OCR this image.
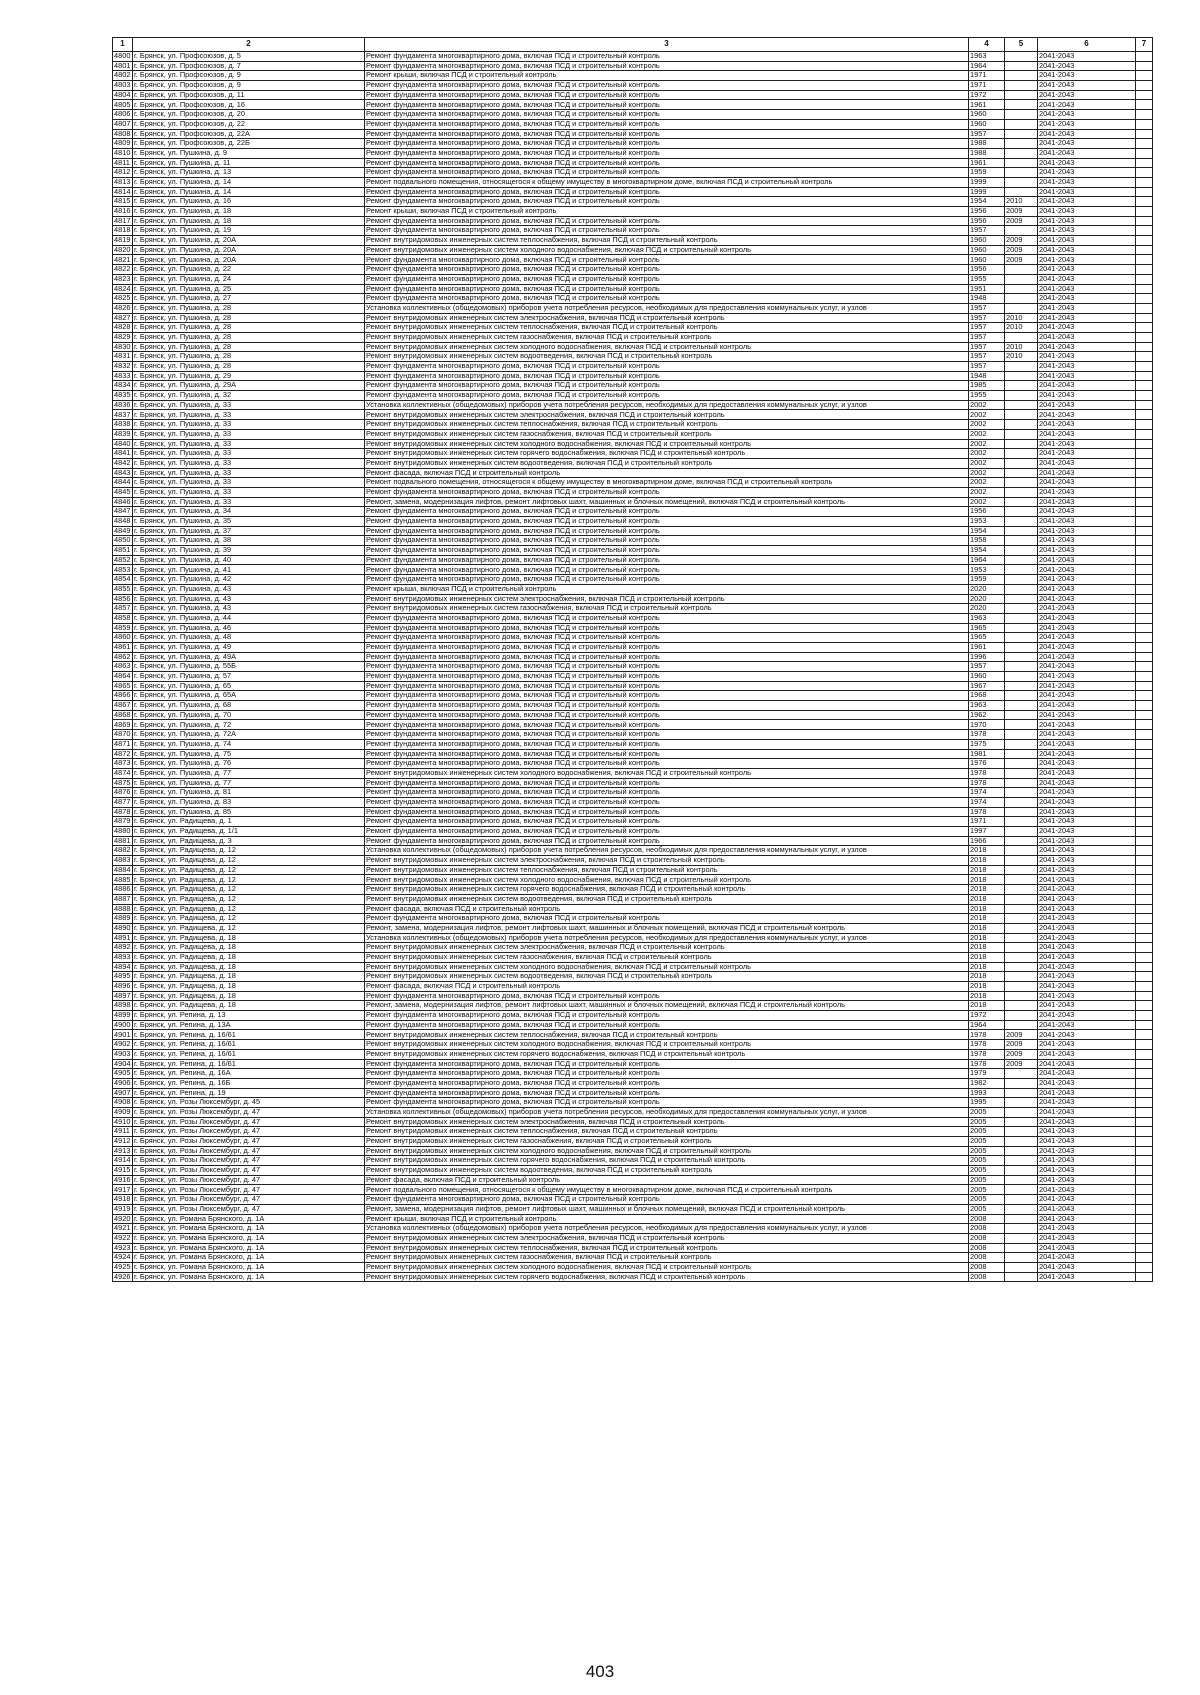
1	2	3	4	5	6	7
4800	г. Брянск, ул. Профсоюзов, д. 5	Ремонт фундамента многоквартирного дома, включая ПСД и строительный контроль	1963		2041-2043	
4801	г. Брянск, ул. Профсоюзов, д. 7	Ремонт фундамента многоквартирного дома, включая ПСД и строительный контроль	1964		2041-2043	
4802	г. Брянск, ул. Профсоюзов, д. 9	Ремонт крыши, включая ПСД и строительный контроль	1971		2041-2043	
4803	г. Брянск, ул. Профсоюзов, д. 9	Ремонт фундамента многоквартирного дома, включая ПСД и строительный контроль	1971		2041-2043	
4804	г. Брянск, ул. Профсоюзов, д. 11	Ремонт фундамента многоквартирного дома, включая ПСД и строительный контроль	1972		2041-2043	
4805	г. Брянск, ул. Профсоюзов, д. 16	Ремонт фундамента многоквартирного дома, включая ПСД и строительный контроль	1961		2041-2043	
4806	г. Брянск, ул. Профсоюзов, д. 20	Ремонт фундамента многоквартирного дома, включая ПСД и строительный контроль	1960		2041-2043	
4807	г. Брянск, ул. Профсоюзов, д. 22	Ремонт фундамента многоквартирного дома, включая ПСД и строительный контроль	1960		2041-2043	
4808	г. Брянск, ул. Профсоюзов, д. 22А	Ремонт фундамента многоквартирного дома, включая ПСД и строительный контроль	1957		2041-2043	
4809	г. Брянск, ул. Профсоюзов, д. 22Б	Ремонт фундамента многоквартирного дома, включая ПСД и строительный контроль	1988		2041-2043	
4810	г. Брянск, ул. Пушкина, д. 9	Ремонт фундамента многоквартирного дома, включая ПСД и строительный контроль	1988		2041-2043	
4811	г. Брянск, ул. Пушкина, д. 11	Ремонт фундамента многоквартирного дома, включая ПСД и строительный контроль	1961		2041-2043	
4812	г. Брянск, ул. Пушкина, д. 13	Ремонт фундамента многоквартирного дома, включая ПСД и строительный контроль	1959		2041-2043	
4813	г. Брянск, ул. Пушкина, д. 14	Ремонт подвального помещения, относящегося к общему имуществу в многоквартирном доме, включая ПСД и строительный контроль	1999		2041-2043	
4814	г. Брянск, ул. Пушкина, д. 14	Ремонт фундамента многоквартирного дома, включая ПСД и строительный контроль	1999		2041-2043	
4815	г. Брянск, ул. Пушкина, д. 16	Ремонт фундамента многоквартирного дома, включая ПСД и строительный контроль	1954	2010	2041-2043	
4816	г. Брянск, ул. Пушкина, д. 18	Ремонт крыши, включая ПСД и строительный контроль	1956	2009	2041-2043	
4817	г. Брянск, ул. Пушкина, д. 18	Ремонт фундамента многоквартирного дома, включая ПСД и строительный контроль	1956	2009	2041-2043	
4818	г. Брянск, ул. Пушкина, д. 19	Ремонт фундамента многоквартирного дома, включая ПСД и строительный контроль	1957		2041-2043	
4819	г. Брянск, ул. Пушкина, д. 20А	Ремонт внутридомовых инженерных систем теплоснабжения, включая ПСД и строительный контроль	1960	2009	2041-2043	
4820	г. Брянск, ул. Пушкина, д. 20А	Ремонт внутридомовых инженерных систем холодного водоснабжения, включая ПСД и строительный контроль	1960	2009	2041-2043	
4821	г. Брянск, ул. Пушкина, д. 20А	Ремонт фундамента многоквартирного дома, включая ПСД и строительный контроль	1960	2009	2041-2043	
4822	г. Брянск, ул. Пушкина, д. 22	Ремонт фундамента многоквартирного дома, включая ПСД и строительный контроль	1956		2041-2043	
4823	г. Брянск, ул. Пушкина, д. 24	Ремонт фундамента многоквартирного дома, включая ПСД и строительный контроль	1955		2041-2043	
4824	г. Брянск, ул. Пушкина, д. 25	Ремонт фундамента многоквартирного дома, включая ПСД и строительный контроль	1951		2041-2043	
4825	г. Брянск, ул. Пушкина, д. 27	Ремонт фундамента многоквартирного дома, включая ПСД и строительный контроль	1948		2041-2043	
4826	г. Брянск, ул. Пушкина, д. 28	Установка коллективных (общедомовых) приборов учета потребления ресурсов, необходимых для предоставления коммунальных услуг, и узлов	1957		2041-2043	
4827	г. Брянск, ул. Пушкина, д. 28	Ремонт внутридомовых инженерных систем электроснабжения, включая ПСД и строительный контроль	1957	2010	2041-2043	
4828	г. Брянск, ул. Пушкина, д. 28	Ремонт внутридомовых инженерных систем теплоснабжения, включая ПСД и строительный контроль	1957	2010	2041-2043	
4829	г. Брянск, ул. Пушкина, д. 28	Ремонт внутридомовых инженерных систем газоснабжения, включая ПСД и строительный контроль	1957		2041-2043	
4830	г. Брянск, ул. Пушкина, д. 28	Ремонт внутридомовых инженерных систем холодного водоснабжения, включая ПСД и строительный контроль	1957	2010	2041-2043	
4831	г. Брянск, ул. Пушкина, д. 28	Ремонт внутридомовых инженерных систем водоотведения, включая ПСД и строительный контроль	1957	2010	2041-2043	
4832	г. Брянск, ул. Пушкина, д. 28	Ремонт фундамента многоквартирного дома, включая ПСД и строительный контроль	1957		2041-2043	
4833	г. Брянск, ул. Пушкина, д. 29	Ремонт фундамента многоквартирного дома, включая ПСД и строительный контроль	1948		2041-2043	
4834	г. Брянск, ул. Пушкина, д. 29А	Ремонт фундамента многоквартирного дома, включая ПСД и строительный контроль	1985		2041-2043	
4835	г. Брянск, ул. Пушкина, д. 32	Ремонт фундамента многоквартирного дома, включая ПСД и строительный контроль	1955		2041-2043	
4836	г. Брянск, ул. Пушкина, д. 33	Установка коллективных (общедомовых) приборов учета потребления ресурсов, необходимых для предоставления коммунальных услуг, и узлов	2002		2041-2043	
4837	г. Брянск, ул. Пушкина, д. 33	Ремонт внутридомовых инженерных систем электроснабжения, включая ПСД и строительный контроль	2002		2041-2043	
4838	г. Брянск, ул. Пушкина, д. 33	Ремонт внутридомовых инженерных систем теплоснабжения, включая ПСД и строительный контроль	2002		2041-2043	
4839	г. Брянск, ул. Пушкина, д. 33	Ремонт внутридомовых инженерных систем газоснабжения, включая ПСД и строительный контроль	2002		2041-2043	
4840	г. Брянск, ул. Пушкина, д. 33	Ремонт внутридомовых инженерных систем холодного водоснабжения, включая ПСД и строительный контроль	2002		2041-2043	
4841	г. Брянск, ул. Пушкина, д. 33	Ремонт внутридомовых инженерных систем горячего водоснабжения, включая ПСД и строительный контроль	2002		2041-2043	
4842	г. Брянск, ул. Пушкина, д. 33	Ремонт внутридомовых инженерных систем водоотведения, включая ПСД и строительный контроль	2002		2041-2043	
4843	г. Брянск, ул. Пушкина, д. 33	Ремонт фасада, включая ПСД и строительный контроль	2002		2041-2043	
4844	г. Брянск, ул. Пушкина, д. 33	Ремонт подвального помещения, относящегося к общему имуществу в многоквартирном доме, включая ПСД и строительный контроль	2002		2041-2043	
4845	г. Брянск, ул. Пушкина, д. 33	Ремонт фундамента многоквартирного дома, включая ПСД и строительный контроль	2002		2041-2043	
4846	г. Брянск, ул. Пушкина, д. 33	Ремонт, замена, модернизация лифтов, ремонт лифтовых шахт, машинных и блочных помещений, включая ПСД и строительный контроль	2002		2041-2043	
4847	г. Брянск, ул. Пушкина, д. 34	Ремонт фундамента многоквартирного дома, включая ПСД и строительный контроль	1956		2041-2043	
4848	г. Брянск, ул. Пушкина, д. 35	Ремонт фундамента многоквартирного дома, включая ПСД и строительный контроль	1953		2041-2043	
4849	г. Брянск, ул. Пушкина, д. 37	Ремонт фундамента многоквартирного дома, включая ПСД и строительный контроль	1954		2041-2043	
4850	г. Брянск, ул. Пушкина, д. 38	Ремонт фундамента многоквартирного дома, включая ПСД и строительный контроль	1958		2041-2043	
4851	г. Брянск, ул. Пушкина, д. 39	Ремонт фундамента многоквартирного дома, включая ПСД и строительный контроль	1954		2041-2043	
4852	г. Брянск, ул. Пушкина, д. 40	Ремонт фундамента многоквартирного дома, включая ПСД и строительный контроль	1964		2041-2043	
4853	г. Брянск, ул. Пушкина, д. 41	Ремонт фундамента многоквартирного дома, включая ПСД и строительный контроль	1953		2041-2043	
4854	г. Брянск, ул. Пушкина, д. 42	Ремонт фундамента многоквартирного дома, включая ПСД и строительный контроль	1959		2041-2043	
4855	г. Брянск, ул. Пушкина, д. 43	Ремонт крыши, включая ПСД и строительный контроль	2020		2041-2043	
4856	г. Брянск, ул. Пушкина, д. 43	Ремонт внутридомовых инженерных систем электроснабжения, включая ПСД и строительный контроль	2020		2041-2043	
4857	г. Брянск, ул. Пушкина, д. 43	Ремонт внутридомовых инженерных систем газоснабжения, включая ПСД и строительный контроль	2020		2041-2043	
4858	г. Брянск, ул. Пушкина, д. 44	Ремонт фундамента многоквартирного дома, включая ПСД и строительный контроль	1963		2041-2043	
4859	г. Брянск, ул. Пушкина, д. 46	Ремонт фундамента многоквартирного дома, включая ПСД и строительный контроль	1965		2041-2043	
4860	г. Брянск, ул. Пушкина, д. 48	Ремонт фундамента многоквартирного дома, включая ПСД и строительный контроль	1965		2041-2043	
4861	г. Брянск, ул. Пушкина, д. 49	Ремонт фундамента многоквартирного дома, включая ПСД и строительный контроль	1961		2041-2043	
4862	г. Брянск, ул. Пушкина, д. 49А	Ремонт фундамента многоквартирного дома, включая ПСД и строительный контроль	1996		2041-2043	
4863	г. Брянск, ул. Пушкина, д. 55Б	Ремонт фундамента многоквартирного дома, включая ПСД и строительный контроль	1957		2041-2043	
4864	г. Брянск, ул. Пушкина, д. 57	Ремонт фундамента многоквартирного дома, включая ПСД и строительный контроль	1960		2041-2043	
4865	г. Брянск, ул. Пушкина, д. 65	Ремонт фундамента многоквартирного дома, включая ПСД и строительный контроль	1967		2041-2043	
4866	г. Брянск, ул. Пушкина, д. 65А	Ремонт фундамента многоквартирного дома, включая ПСД и строительный контроль	1968		2041-2043	
4867	г. Брянск, ул. Пушкина, д. 68	Ремонт фундамента многоквартирного дома, включая ПСД и строительный контроль	1963		2041-2043	
4868	г. Брянск, ул. Пушкина, д. 70	Ремонт фундамента многоквартирного дома, включая ПСД и строительный контроль	1962		2041-2043	
4869	г. Брянск, ул. Пушкина, д. 72	Ремонт фундамента многоквартирного дома, включая ПСД и строительный контроль	1970		2041-2043	
4870	г. Брянск, ул. Пушкина, д. 72А	Ремонт фундамента многоквартирного дома, включая ПСД и строительный контроль	1978		2041-2043	
4871	г. Брянск, ул. Пушкина, д. 74	Ремонт фундамента многоквартирного дома, включая ПСД и строительный контроль	1975		2041-2043	
4872	г. Брянск, ул. Пушкина, д. 75	Ремонт фундамента многоквартирного дома, включая ПСД и строительный контроль	1981		2041-2043	
4873	г. Брянск, ул. Пушкина, д. 76	Ремонт фундамента многоквартирного дома, включая ПСД и строительный контроль	1976		2041-2043	
4874	г. Брянск, ул. Пушкина, д. 77	Ремонт внутридомовых инженерных систем холодного водоснабжения, включая ПСД и строительный контроль	1978		2041-2043	
4875	г. Брянск, ул. Пушкина, д. 77	Ремонт фундамента многоквартирного дома, включая ПСД и строительный контроль	1978		2041-2043	
4876	г. Брянск, ул. Пушкина, д. 81	Ремонт фундамента многоквартирного дома, включая ПСД и строительный контроль	1974		2041-2043	
4877	г. Брянск, ул. Пушкина, д. 83	Ремонт фундамента многоквартирного дома, включая ПСД и строительный контроль	1974		2041-2043	
4878	г. Брянск, ул. Пушкина, д. 85	Ремонт фундамента многоквартирного дома, включая ПСД и строительный контроль	1978		2041-2043	
4879	г. Брянск, ул. Радищева, д. 1	Ремонт фундамента многоквартирного дома, включая ПСД и строительный контроль	1971		2041-2043	
4880	г. Брянск, ул. Радищева, д. 1/1	Ремонт фундамента многоквартирного дома, включая ПСД и строительный контроль	1997		2041-2043	
4881	г. Брянск, ул. Радищева, д. 3	Ремонт фундамента многоквартирного дома, включая ПСД и строительный контроль	1966		2041-2043	
4882	г. Брянск, ул. Радищева, д. 12	Установка коллективных (общедомовых) приборов учета потребления ресурсов, необходимых для предоставления коммунальных услуг, и узлов	2018		2041-2043	
4883	г. Брянск, ул. Радищева, д. 12	Ремонт внутридомовых инженерных систем электроснабжения, включая ПСД и строительный контроль	2018		2041-2043	
4884	г. Брянск, ул. Радищева, д. 12	Ремонт внутридомовых инженерных систем теплоснабжения, включая ПСД и строительный контроль	2018		2041-2043	
4885	г. Брянск, ул. Радищева, д. 12	Ремонт внутридомовых инженерных систем холодного водоснабжения, включая ПСД и строительный контроль	2018		2041-2043	
4886	г. Брянск, ул. Радищева, д. 12	Ремонт внутридомовых инженерных систем горячего водоснабжения, включая ПСД и строительный контроль	2018		2041-2043	
4887	г. Брянск, ул. Радищева, д. 12	Ремонт внутридомовых инженерных систем водоотведения, включая ПСД и строительный контроль	2018		2041-2043	
4888	г. Брянск, ул. Радищева, д. 12	Ремонт фасада, включая ПСД и строительный контроль	2018		2041-2043	
4889	г. Брянск, ул. Радищева, д. 12	Ремонт фундамента многоквартирного дома, включая ПСД и строительный контроль	2018		2041-2043	
4890	г. Брянск, ул. Радищева, д. 12	Ремонт, замена, модернизация лифтов, ремонт лифтовых шахт, машинных и блочных помещений, включая ПСД и строительный контроль	2018		2041-2043	
4891	г. Брянск, ул. Радищева, д. 18	Установка коллективных (общедомовых) приборов учета потребления ресурсов, необходимых для предоставления коммунальных услуг, и узлов	2018		2041-2043	
4892	г. Брянск, ул. Радищева, д. 18	Ремонт внутридомовых инженерных систем электроснабжения, включая ПСД и строительный контроль	2018		2041-2043	
4893	г. Брянск, ул. Радищева, д. 18	Ремонт внутридомовых инженерных систем газоснабжения, включая ПСД и строительный контроль	2018		2041-2043	
4894	г. Брянск, ул. Радищева, д. 18	Ремонт внутридомовых инженерных систем холодного водоснабжения, включая ПСД и строительный контроль	2018		2041-2043	
4895	г. Брянск, ул. Радищева, д. 18	Ремонт внутридомовых инженерных систем водоотведения, включая ПСД и строительный контроль	2018		2041-2043	
4896	г. Брянск, ул. Радищева, д. 18	Ремонт фасада, включая ПСД и строительный контроль	2018		2041-2043	
4897	г. Брянск, ул. Радищева, д. 18	Ремонт фундамента многоквартирного дома, включая ПСД и строительный контроль	2018		2041-2043	
4898	г. Брянск, ул. Радищева, д. 18	Ремонт, замена, модернизация лифтов, ремонт лифтовых шахт, машинных и блочных помещений, включая ПСД и строительный контроль	2018		2041-2043	
4899	г. Брянск, ул. Репина, д. 13	Ремонт фундамента многоквартирного дома, включая ПСД и строительный контроль	1972		2041-2043	
4900	г. Брянск, ул. Репина, д. 13А	Ремонт фундамента многоквартирного дома, включая ПСД и строительный контроль	1964		2041-2043	
4901	г. Брянск, ул. Репина, д. 16/61	Ремонт внутридомовых инженерных систем теплоснабжения, включая ПСД и строительный контроль	1978	2009	2041-2043	
4902	г. Брянск, ул. Репина, д. 16/61	Ремонт внутридомовых инженерных систем холодного водоснабжения, включая ПСД и строительный контроль	1978	2009	2041-2043	
4903	г. Брянск, ул. Репина, д. 16/61	Ремонт внутридомовых инженерных систем горячего водоснабжения, включая ПСД и строительный контроль	1978	2009	2041-2043	
4904	г. Брянск, ул. Репина, д. 16/61	Ремонт фундамента многоквартирного дома, включая ПСД и строительный контроль	1978	2009	2041-2043	
4905	г. Брянск, ул. Репина, д. 16А	Ремонт фундамента многоквартирного дома, включая ПСД и строительный контроль	1979		2041-2043	
4906	г. Брянск, ул. Репина, д. 16Б	Ремонт фундамента многоквартирного дома, включая ПСД и строительный контроль	1982		2041-2043	
4907	г. Брянск, ул. Репина, д. 19	Ремонт фундамента многоквартирного дома, включая ПСД и строительный контроль	1993		2041-2043	
4908	г. Брянск, ул. Розы Люксембург, д. 45	Ремонт фундамента многоквартирного дома, включая ПСД и строительный контроль	1995		2041-2043	
4909	г. Брянск, ул. Розы Люксембург, д. 47	Установка коллективных (общедомовых) приборов учета потребления ресурсов, необходимых для предоставления коммунальных услуг, и узлов	2005		2041-2043	
4910	г. Брянск, ул. Розы Люксембург, д. 47	Ремонт внутридомовых инженерных систем электроснабжения, включая ПСД и строительный контроль	2005		2041-2043	
4911	г. Брянск, ул. Розы Люксембург, д. 47	Ремонт внутридомовых инженерных систем теплоснабжения, включая ПСД и строительный контроль	2005		2041-2043	
4912	г. Брянск, ул. Розы Люксембург, д. 47	Ремонт внутридомовых инженерных систем газоснабжения, включая ПСД и строительный контроль	2005		2041-2043	
4913	г. Брянск, ул. Розы Люксембург, д. 47	Ремонт внутридомовых инженерных систем холодного водоснабжения, включая ПСД и строительный контроль	2005		2041-2043	
4914	г. Брянск, ул. Розы Люксембург, д. 47	Ремонт внутридомовых инженерных систем горячего водоснабжения, включая ПСД и строительный контроль	2005		2041-2043	
4915	г. Брянск, ул. Розы Люксембург, д. 47	Ремонт внутридомовых инженерных систем водоотведения, включая ПСД и строительный контроль	2005		2041-2043	
4916	г. Брянск, ул. Розы Люксембург, д. 47	Ремонт фасада, включая ПСД и строительный контроль	2005		2041-2043	
4917	г. Брянск, ул. Розы Люксембург, д. 47	Ремонт подвального помещения, относящегося к общему имуществу в многоквартирном доме, включая ПСД и строительный контроль	2005		2041-2043	
4918	г. Брянск, ул. Розы Люксембург, д. 47	Ремонт фундамента многоквартирного дома, включая ПСД и строительный контроль	2005		2041-2043	
4919	г. Брянск, ул. Розы Люксембург, д. 47	Ремонт, замена, модернизация лифтов, ремонт лифтовых шахт, машинных и блочных помещений, включая ПСД и строительный контроль	2005		2041-2043	
4920	г. Брянск, ул. Романа Брянского, д. 1А	Ремонт крыши, включая ПСД и строительный контроль	2008		2041-2043	
4921	г. Брянск, ул. Романа Брянского, д. 1А	Установка коллективных (общедомовых) приборов учета потребления ресурсов, необходимых для предоставления коммунальных услуг, и узлов	2008		2041-2043	
4922	г. Брянск, ул. Романа Брянского, д. 1А	Ремонт внутридомовых инженерных систем электроснабжения, включая ПСД и строительный контроль	2008		2041-2043	
4923	г. Брянск, ул. Романа Брянского, д. 1А	Ремонт внутридомовых инженерных систем теплоснабжения, включая ПСД и строительный контроль	2008		2041-2043	
4924	г. Брянск, ул. Романа Брянского, д. 1А	Ремонт внутридомовых инженерных систем газоснабжения, включая ПСД и строительный контроль	2008		2041-2043	
4925	г. Брянск, ул. Романа Брянского, д. 1А	Ремонт внутридомовых инженерных систем холодного водоснабжения, включая ПСД и строительный контроль	2008		2041-2043	
4926	г. Брянск, ул. Романа Брянского, д. 1А	Ремонт внутридомовых инженерных систем горячего водоснабжения, включая ПСД и строительный контроль	2008		2041-2043	
403
